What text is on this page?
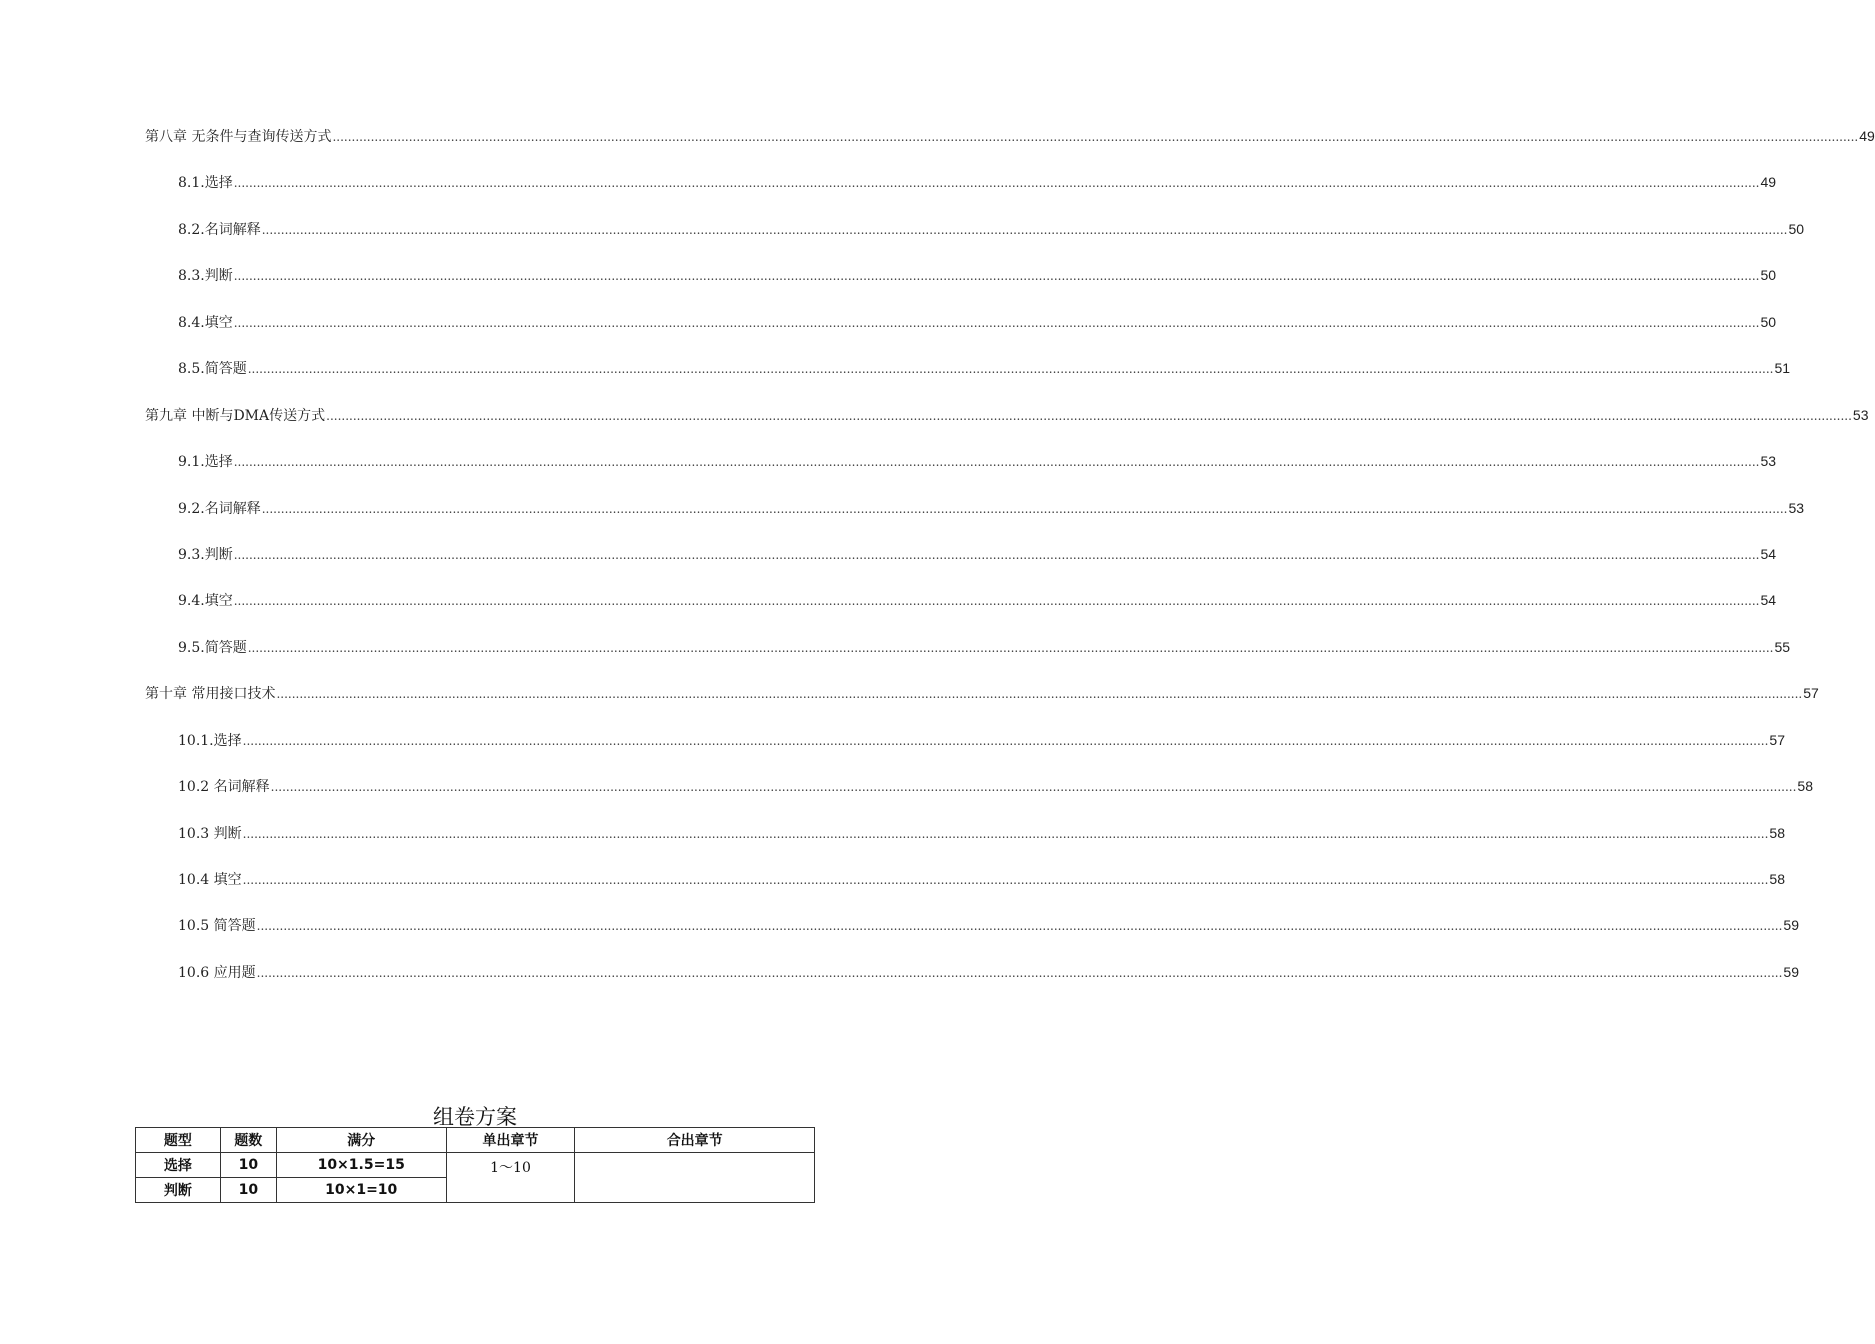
第八章 无条件与查询传送方式 ................................................................................................................................................................................................................................................................................................................................................................................................................ 49
8.1.选择 ................................................................................................................................................................................................................................................................................................................................................................................................................ 49
8.2.名词解释 ................................................................................................................................................................................................................................................................................................................................................................................................................ 50
8.3.判断 ................................................................................................................................................................................................................................................................................................................................................................................................................ 50
8.4.填空 ................................................................................................................................................................................................................................................................................................................................................................................................................ 50
8.5.简答题 ................................................................................................................................................................................................................................................................................................................................................................................................................ 51
第九章 中断与DMA传送方式 ................................................................................................................................................................................................................................................................................................................................................................................................................ 53
9.1.选择 ................................................................................................................................................................................................................................................................................................................................................................................................................ 53
9.2.名词解释 ................................................................................................................................................................................................................................................................................................................................................................................................................ 53
9.3.判断 ................................................................................................................................................................................................................................................................................................................................................................................................................ 54
9.4.填空 ................................................................................................................................................................................................................................................................................................................................................................................................................ 54
9.5.简答题 ................................................................................................................................................................................................................................................................................................................................................................................................................ 55
第十章 常用接口技术 ................................................................................................................................................................................................................................................................................................................................................................................................................ 57
10.1.选择 ................................................................................................................................................................................................................................................................................................................................................................................................................ 57
10.2 名词解释 ................................................................................................................................................................................................................................................................................................................................................................................................................ 58
10.3 判断 ................................................................................................................................................................................................................................................................................................................................................................................................................ 58
10.4 填空 ................................................................................................................................................................................................................................................................................................................................................................................................................ 58
10.5 简答题 ................................................................................................................................................................................................................................................................................................................................................................................................................ 59
10.6 应用题 ................................................................................................................................................................................................................................................................................................................................................................................................................ 59
组卷方案
题型	题数	满分	单出章节	合出章节
选择	10	10×1.5=15	1～10	
判断	10	10×1=10		
